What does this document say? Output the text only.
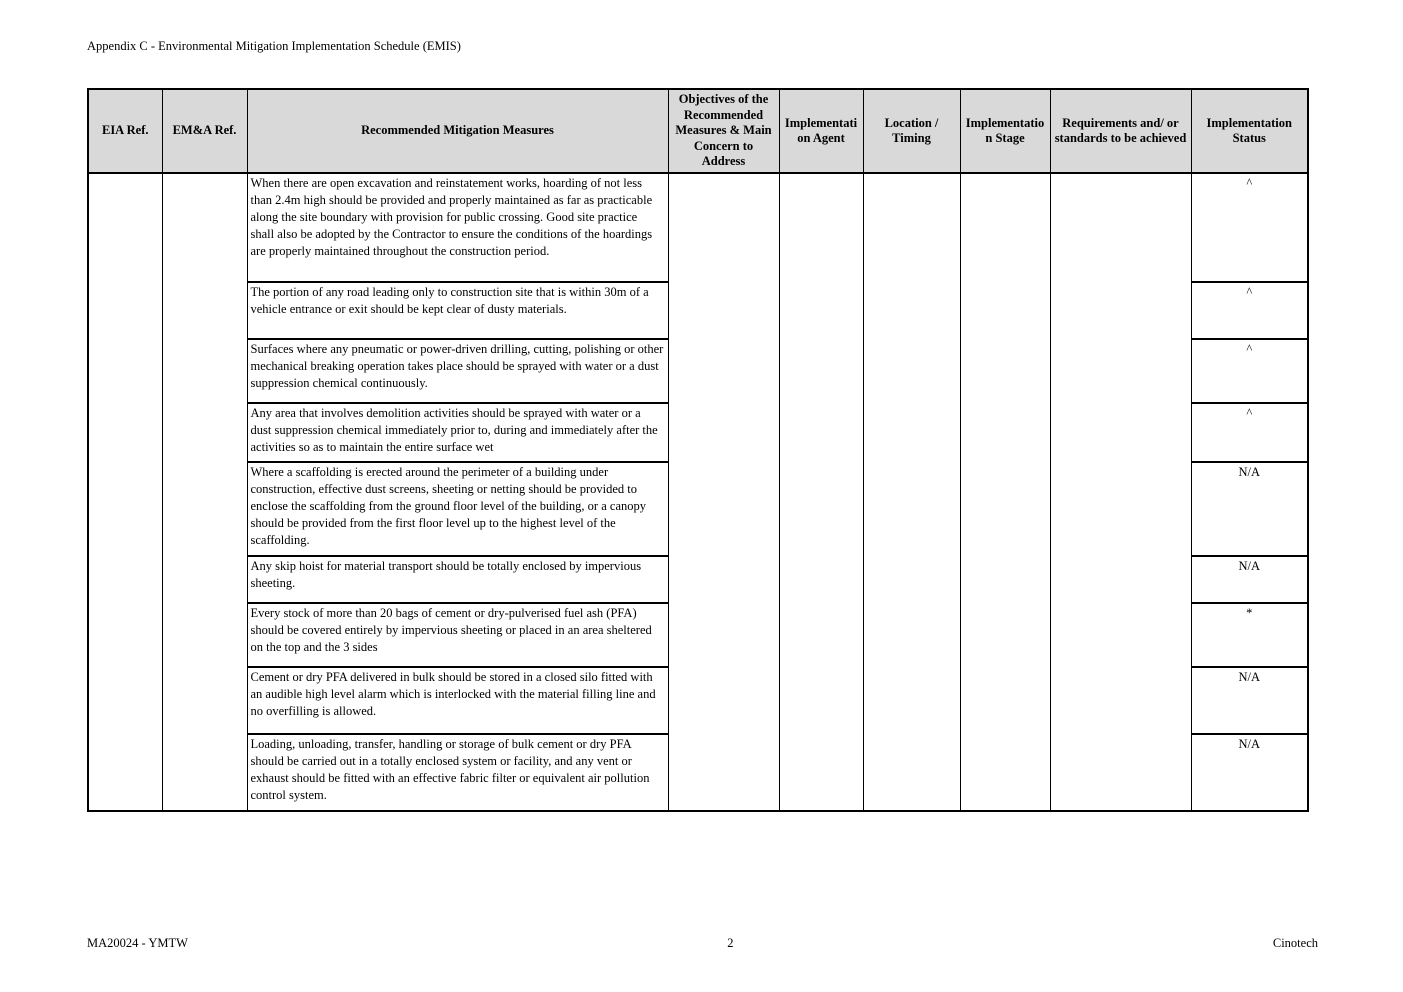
Appendix C - Environmental Mitigation Implementation Schedule (EMIS)
EIA Ref.	EM&A Ref.	Recommended Mitigation Measures	Objectives of the Recommended Measures & Main Concern to Address	Implementation Agent	Location / Timing	Implementation Stage	Requirements and/ or standards to be achieved	Implementation Status
		When there are open excavation and reinstatement works, hoarding of not less than 2.4m high should be provided and properly maintained as far as practicable along the site boundary with provision for public crossing. Good site practice shall also be adopted by the Contractor to ensure the conditions of the hoardings are properly maintained throughout the construction period.						^
		The portion of any road leading only to construction site that is within 30m of a vehicle entrance or exit should be kept clear of dusty materials.						^
		Surfaces where any pneumatic or power-driven drilling, cutting, polishing or other mechanical breaking operation takes place should be sprayed with water or a dust suppression chemical continuously.						^
		Any area that involves demolition activities should be sprayed with water or a dust suppression chemical immediately prior to, during and immediately after the activities so as to maintain the entire surface wet						^
		Where a scaffolding is erected around the perimeter of a building under construction, effective dust screens, sheeting or netting should be provided to enclose the scaffolding from the ground floor level of the building, or a canopy should be provided from the first floor level up to the highest level of the scaffolding.						N/A
		Any skip hoist for material transport should be totally enclosed by impervious sheeting.						N/A
		Every stock of more than 20 bags of cement or dry-pulverised fuel ash (PFA) should be covered entirely by impervious sheeting or placed in an area sheltered on the top and the 3 sides						*
		Cement or dry PFA delivered in bulk should be stored in a closed silo fitted with an audible high level alarm which is interlocked with the material filling line and no overfilling is allowed.						N/A
		Loading, unloading, transfer, handling or storage of bulk cement or dry PFA should be carried out in a totally enclosed system or facility, and any vent or exhaust should be fitted with an effective fabric filter or equivalent air pollution control system.						N/A
MA20024 - YMTW	2	Cinotech
